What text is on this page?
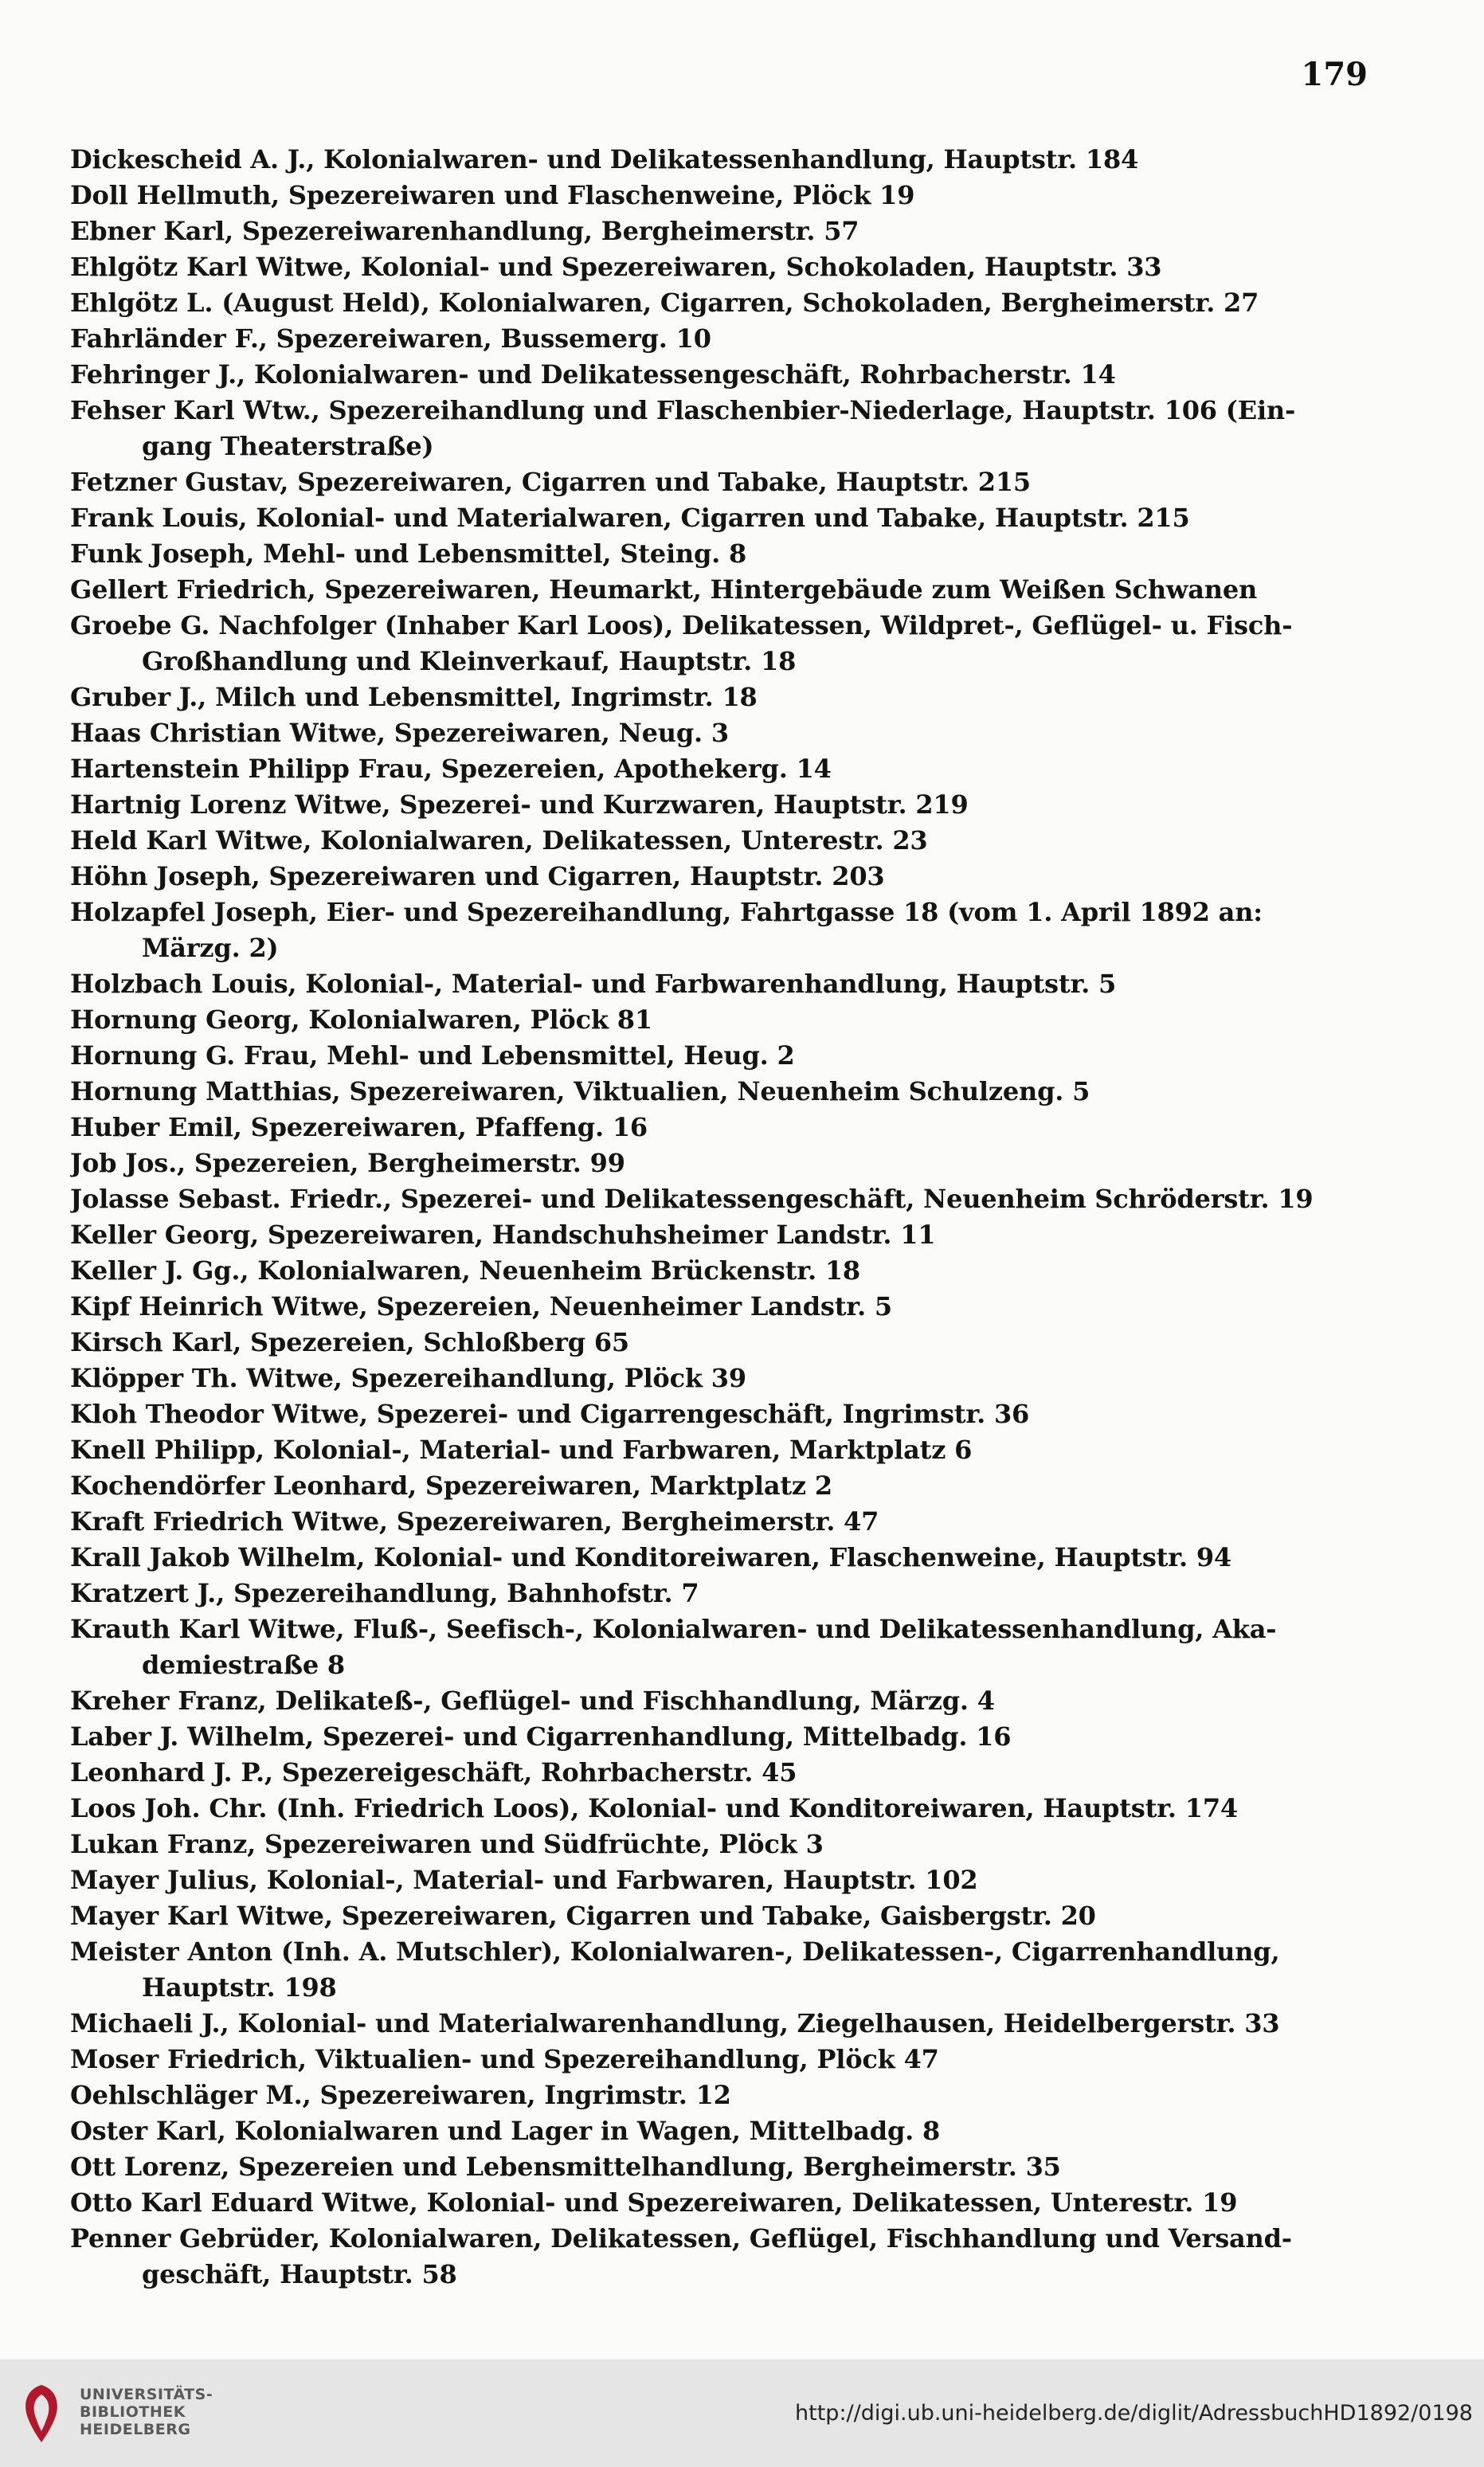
179
Dickescheid A. J., Kolonialwaren- und Delikatessenhandlung, Hauptstr. 184
Doll Hellmuth, Spezereiwaren und Flaschenweine, Plöck 19
Ebner Karl, Spezereiwarenhandlung, Bergheimerstr. 57
Ehlgötz Karl Witwe, Kolonial- und Spezereiwaren, Schokoladen, Hauptstr. 33
Ehlgötz L. (August Held), Kolonialwaren, Cigarren, Schokoladen, Bergheimerstr. 27
Fahrländer F., Spezereiwaren, Bussemerg. 10
Fehringer J., Kolonialwaren- und Delikatessengeschäft, Rohrbacherstr. 14
Fehser Karl Wtw., Spezereihandlung und Flaschenbier-Niederlage, Hauptstr. 106 (Ein-
gang Theaterstraße)
Fetzner Gustav, Spezereiwaren, Cigarren und Tabake, Hauptstr. 215
Frank Louis, Kolonial- und Materialwaren, Cigarren und Tabake, Hauptstr. 215
Funk Joseph, Mehl- und Lebensmittel, Steing. 8
Gellert Friedrich, Spezereiwaren, Heumarkt, Hintergebäude zum Weißen Schwanen
Groebe G. Nachfolger (Inhaber Karl Loos), Delikatessen, Wildpret-, Geflügel- u. Fisch-
Großhandlung und Kleinverkauf, Hauptstr. 18
Gruber J., Milch und Lebensmittel, Ingrimstr. 18
Haas Christian Witwe, Spezereiwaren, Neug. 3
Hartenstein Philipp Frau, Spezereien, Apothekerg. 14
Hartnig Lorenz Witwe, Spezerei- und Kurzwaren, Hauptstr. 219
Held Karl Witwe, Kolonialwaren, Delikatessen, Unterestr. 23
Höhn Joseph, Spezereiwaren und Cigarren, Hauptstr. 203
Holzapfel Joseph, Eier- und Spezereihandlung, Fahrtgasse 18 (vom 1. April 1892 an:
Märzg. 2)
Holzbach Louis, Kolonial-, Material- und Farbwarenhandlung, Hauptstr. 5
Hornung Georg, Kolonialwaren, Plöck 81
Hornung G. Frau, Mehl- und Lebensmittel, Heug. 2
Hornung Matthias, Spezereiwaren, Viktualien, Neuenheim Schulzeng. 5
Huber Emil, Spezereiwaren, Pfaffeng. 16
Job Jos., Spezereien, Bergheimerstr. 99
Jolasse Sebast. Friedr., Spezerei- und Delikatessengeschäft, Neuenheim Schröderstr. 19
Keller Georg, Spezereiwaren, Handschuhsheimer Landstr. 11
Keller J. Gg., Kolonialwaren, Neuenheim Brückenstr. 18
Kipf Heinrich Witwe, Spezereien, Neuenheimer Landstr. 5
Kirsch Karl, Spezereien, Schloßberg 65
Klöpper Th. Witwe, Spezereihandlung, Plöck 39
Kloh Theodor Witwe, Spezerei- und Cigarrengeschäft, Ingrimstr. 36
Knell Philipp, Kolonial-, Material- und Farbwaren, Marktplatz 6
Kochendörfer Leonhard, Spezereiwaren, Marktplatz 2
Kraft Friedrich Witwe, Spezereiwaren, Bergheimerstr. 47
Krall Jakob Wilhelm, Kolonial- und Konditoreiwaren, Flaschenweine, Hauptstr. 94
Kratzert J., Spezereihandlung, Bahnhofstr. 7
Krauth Karl Witwe, Fluß-, Seefisch-, Kolonialwaren- und Delikatessenhandlung, Aka-
demiestraße 8
Kreher Franz, Delikateß-, Geflügel- und Fischhandlung, Märzg. 4
Laber J. Wilhelm, Spezerei- und Cigarrenhandlung, Mittelbadg. 16
Leonhard J. P., Spezereigeschäft, Rohrbacherstr. 45
Loos Joh. Chr. (Inh. Friedrich Loos), Kolonial- und Konditoreiwaren, Hauptstr. 174
Lukan Franz, Spezereiwaren und Südfrüchte, Plöck 3
Mayer Julius, Kolonial-, Material- und Farbwaren, Hauptstr. 102
Mayer Karl Witwe, Spezereiwaren, Cigarren und Tabake, Gaisbergstr. 20
Meister Anton (Inh. A. Mutschler), Kolonialwaren-, Delikatessen-, Cigarrenhandlung,
Hauptstr. 198
Michaeli J., Kolonial- und Materialwarenhandlung, Ziegelhausen, Heidelbergerstr. 33
Moser Friedrich, Viktualien- und Spezereihandlung, Plöck 47
Oehlschläger M., Spezereiwaren, Ingrimstr. 12
Oster Karl, Kolonialwaren und Lager in Wagen, Mittelbadg. 8
Ott Lorenz, Spezereien und Lebensmittelhandlung, Bergheimerstr. 35
Otto Karl Eduard Witwe, Kolonial- und Spezereiwaren, Delikatessen, Unterestr. 19
Penner Gebrüder, Kolonialwaren, Delikatessen, Geflügel, Fischhandlung und Versand-
geschäft, Hauptstr. 58
UNIVERSITÄTS-
BIBLIOTHEK
HEIDELBERG
http://digi.ub.uni-heidelberg.de/diglit/AdressbuchHD1892/0198
